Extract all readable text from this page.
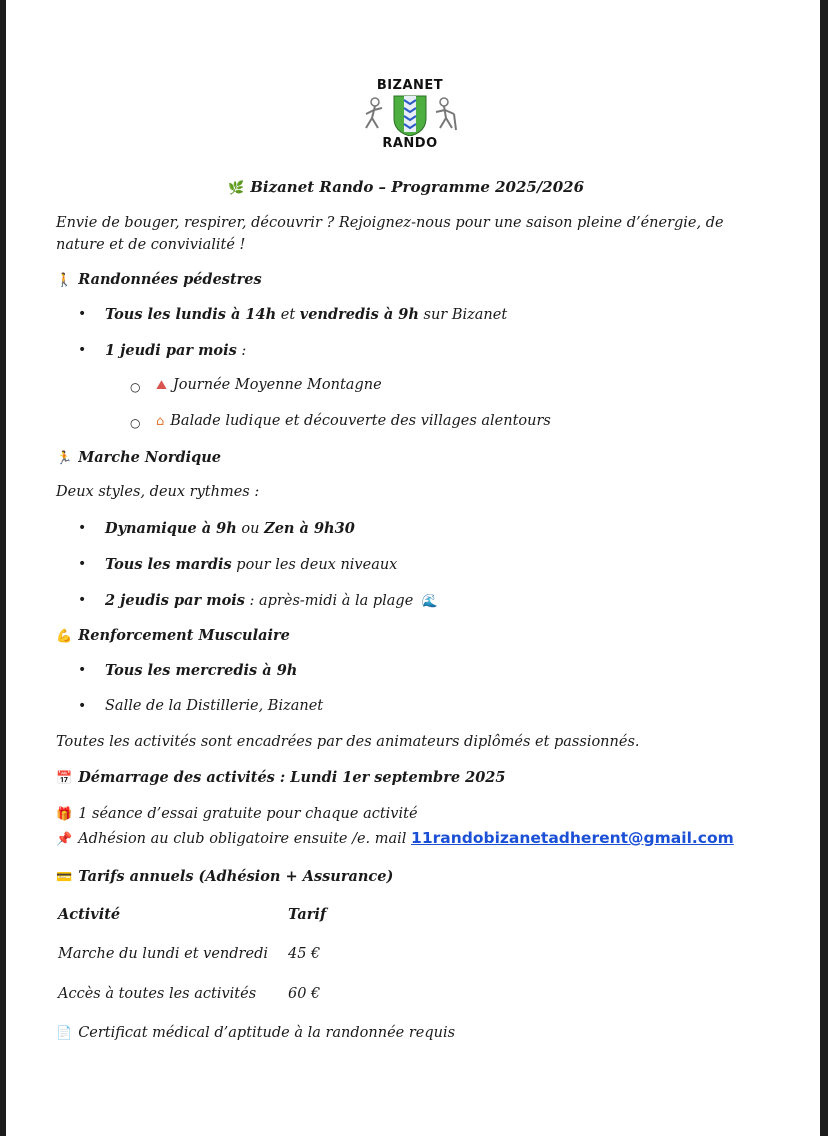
BIZANET
RANDO
🌿 Bizanet Rando – Programme 2025/2026
Envie de bouger, respirer, découvrir ? Rejoignez-nous pour une saison pleine d’énergie, de nature et de convivialité !
🚶 Randonnées pédestres
• Tous les lundis à 14h et vendredis à 9h sur Bizanet
• 1 jeudi par mois :
○ ⛰ Journée Moyenne Montagne
○ ⌂ Balade ludique et découverte des villages alentours
🏃 Marche Nordique
Deux styles, deux rythmes :
• Dynamique à 9h ou Zen à 9h30
• Tous les mardis pour les deux niveaux
• 2 jeudis par mois : après-midi à la plage 🌊
💪 Renforcement Musculaire
• Tous les mercredis à 9h
• Salle de la Distillerie, Bizanet
Toutes les activités sont encadrées par des animateurs diplômés et passionnés.
📅 Démarrage des activités : Lundi 1er septembre 2025
🎁 1 séance d’essai gratuite pour chaque activité
📌 Adhésion au club obligatoire ensuite /e. mail 11randobizanetadherent@gmail.com
💳 Tarifs annuels (Adhésion + Assurance)
Activité	Tarif
Marche du lundi et vendredi 45 €
Accès à toutes les activités 60 €
📄 Certificat médical d’aptitude à la randonnée requis
